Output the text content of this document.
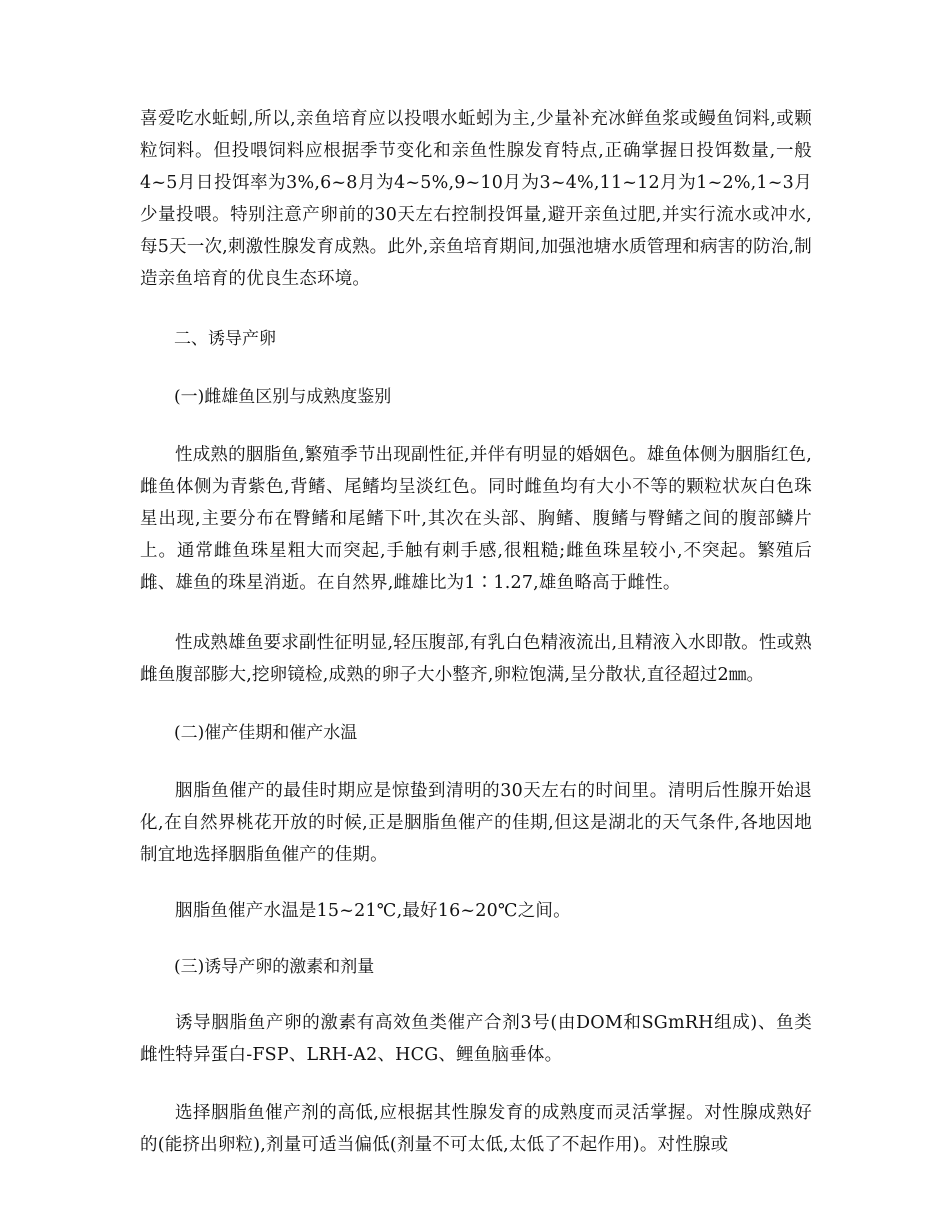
喜爱吃水蚯蚓,所以,亲鱼培育应以投喂水蚯蚓为主,少量补充冰鲜鱼浆或鳗鱼饲料,或颗粒饲料。但投喂饲料应根据季节变化和亲鱼性腺发育特点,正确掌握日投饵数量,一般4~5月日投饵率为3%,6~8月为4~5%,9~10月为3~4%,11~12月为1~2%,1~3月少量投喂。特别注意产卵前的30天左右控制投饵量,避开亲鱼过肥,并实行流水或冲水,每5天一次,刺激性腺发育成熟。此外,亲鱼培育期间,加强池塘水质管理和病害的防治,制造亲鱼培育的优良生态环境。

二、诱导产卵

(一)雌雄鱼区别与成熟度鉴别

性成熟的胭脂鱼,繁殖季节出现副性征,并伴有明显的婚姻色。雄鱼体侧为胭脂红色,雌鱼体侧为青紫色,背鳍、尾鳍均呈淡红色。同时雌鱼均有大小不等的颗粒状灰白色珠星出现,主要分布在臀鳍和尾鳍下叶,其次在头部、胸鳍、腹鳍与臀鳍之间的腹部鳞片上。通常雌鱼珠星粗大而突起,手触有刺手感,很粗糙;雌鱼珠星较小,不突起。繁殖后雌、雄鱼的珠星消逝。在自然界,雌雄比为1∶1.27,雄鱼略高于雌性。

性成熟雄鱼要求副性征明显,轻压腹部,有乳白色精液流出,且精液入水即散。性或熟雌鱼腹部膨大,挖卵镜检,成熟的卵子大小整齐,卵粒饱满,呈分散状,直径超过2㎜。

(二)催产佳期和催产水温

胭脂鱼催产的最佳时期应是惊蛰到清明的30天左右的时间里。清明后性腺开始退化,在自然界桃花开放的时候,正是胭脂鱼催产的佳期,但这是湖北的天气条件,各地因地制宜地选择胭脂鱼催产的佳期。

胭脂鱼催产水温是15~21℃,最好16~20℃之间。

(三)诱导产卵的激素和剂量

诱导胭脂鱼产卵的激素有高效鱼类催产合剂3号(由DOM和SGmRH组成)、鱼类雌性特异蛋白-FSP、LRH-A2、HCG、鲤鱼脑垂体。

选择胭脂鱼催产剂的高低,应根据其性腺发育的成熟度而灵活掌握。对性腺成熟好的(能挤出卵粒),剂量可适当偏低(剂量不可太低,太低了不起作用)。对性腺或
